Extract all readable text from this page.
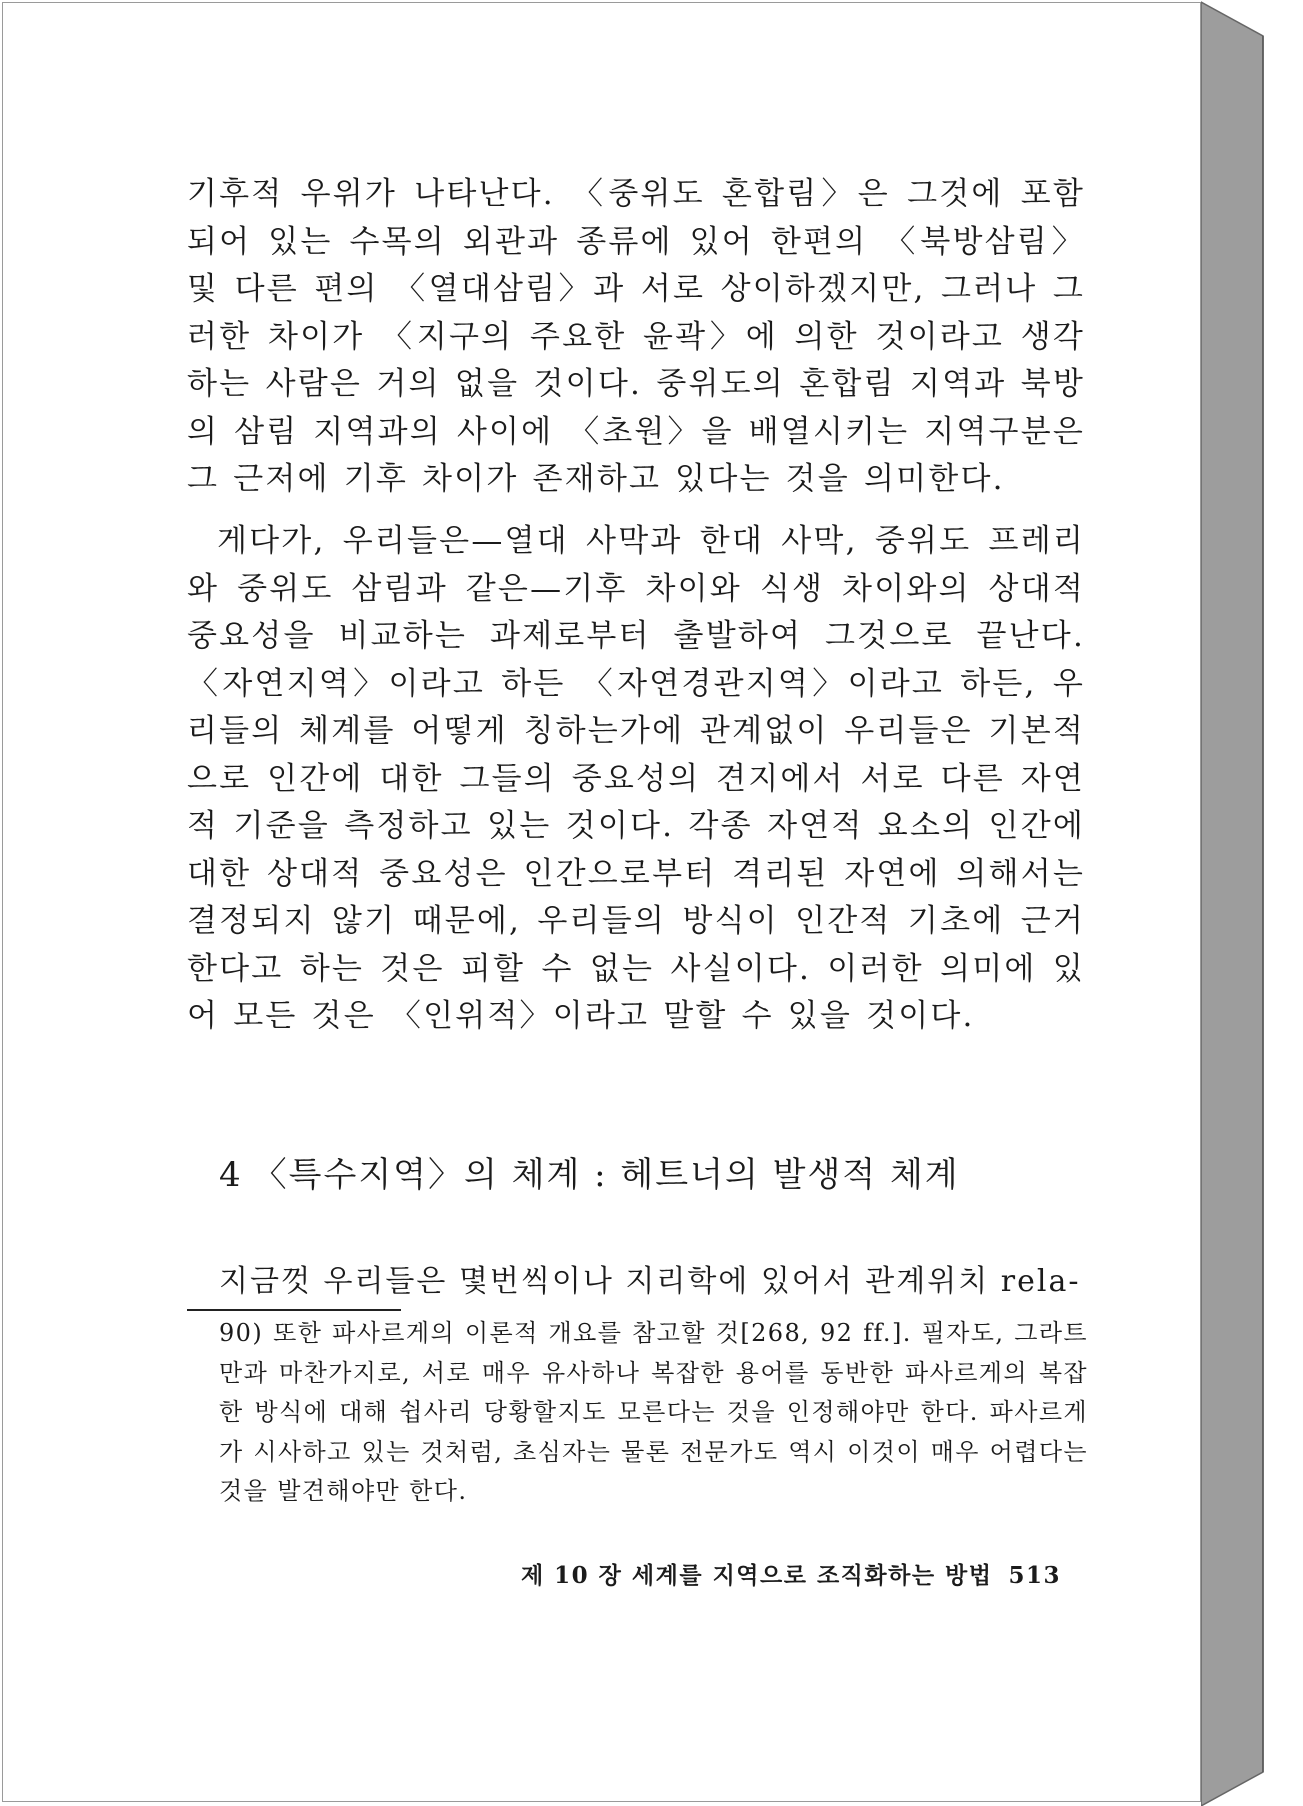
기후적 우위가 나타난다. 〈중위도 혼합림〉은 그것에 포함되어 있는 수목의 외관과 종류에 있어 한편의 〈북방삼림〉 및 다른 편의 〈열대삼림〉과 서로 상이하겠지만, 그러나 그러한 차이가 〈지구의 주요한 윤곽〉에 의한 것이라고 생각하는 사람은 거의 없을 것이다. 중위도의 혼합림 지역과 북방의 삼림 지역과의 사이에 〈초원〉을 배열시키는 지역구분은 그 근저에 기후 차이가 존재하고 있다는 것을 의미한다.

게다가, 우리들은—열대 사막과 한대 사막, 중위도 프레리와 중위도 삼림과 같은—기후 차이와 식생 차이와의 상대적 중요성을 비교하는 과제로부터 출발하여 그것으로 끝난다. 〈자연지역〉이라고 하든 〈자연경관지역〉이라고 하든, 우리들의 체계를 어떻게 칭하는가에 관계없이 우리들은 기본적으로 인간에 대한 그들의 중요성의 견지에서 서로 다른 자연적 기준을 측정하고 있는 것이다. 각종 자연적 요소의 인간에 대한 상대적 중요성은 인간으로부터 격리된 자연에 의해서는 결정되지 않기 때문에, 우리들의 방식이 인간적 기초에 근거한다고 하는 것은 피할 수 없는 사실이다. 이러한 의미에 있어 모든 것은 〈인위적〉이라고 말할 수 있을 것이다.

4 〈특수지역〉의 체계 : 헤트너의 발생적 체계

지금껏 우리들은 몇번씩이나 지리학에 있어서 관계위치 rela-

90) 또한 파사르게의 이론적 개요를 참고할 것[268, 92 ff.]. 필자도, 그라트만과 마찬가지로, 서로 매우 유사하나 복잡한 용어를 동반한 파사르게의 복잡한 방식에 대해 쉽사리 당황할지도 모른다는 것을 인정해야만 한다. 파사르게가 시사하고 있는 것처럼, 초심자는 물론 전문가도 역시 이것이 매우 어렵다는 것을 발견해야만 한다.

제 10 장 세계를 지역으로 조직화하는 방법 513
